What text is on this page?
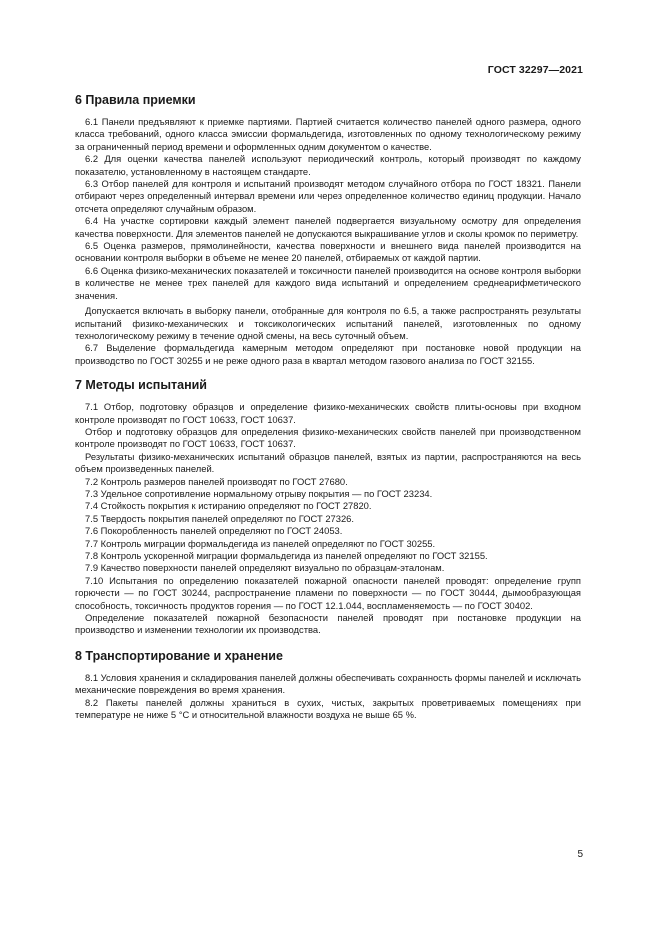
ГОСТ 32297—2021
6 Правила приемки

6.1 Панели предъявляют к приемке партиями. Партией считается количество панелей одного размера, одного класса требований, одного класса эмиссии формальдегида, изготовленных по одному технологическому режиму за ограниченный период времени и оформленных одним документом о качестве.

6.2 Для оценки качества панелей используют периодический контроль, который производят по каждому показателю, установленному в настоящем стандарте.

6.3 Отбор панелей для контроля и испытаний производят методом случайного отбора по ГОСТ 18321. Панели отбирают через определенный интервал времени или через определенное количество единиц продукции. Начало отсчета определяют случайным образом.

6.4 На участке сортировки каждый элемент панелей подвергается визуальному осмотру для определения качества поверхности. Для элементов панелей не допускаются выкрашивание углов и сколы кромок по периметру.

6.5 Оценка размеров, прямолинейности, качества поверхности и внешнего вида панелей производится на основании контроля выборки в объеме не менее 20 панелей, отбираемых от каждой партии.

6.6 Оценка физико-механических показателей и токсичности панелей производится на основе контроля выборки в количестве не менее трех панелей для каждого вида испытаний и определением среднеарифметического значения.

Допускается включать в выборку панели, отобранные для контроля по 6.5, а также распространять результаты испытаний физико-механических и токсикологических испытаний панелей, изготовленных по одному технологическому режиму в течение одной смены, на весь суточный объем.

6.7 Выделение формальдегида камерным методом определяют при постановке новой продукции на производство по ГОСТ 30255 и не реже одного раза в квартал методом газового анализа по ГОСТ 32155.

7 Методы испытаний

7.1 Отбор, подготовку образцов и определение физико-механических свойств плиты-основы при входном контроле производят по ГОСТ 10633, ГОСТ 10637.

Отбор и подготовку образцов для определения физико-механических свойств панелей при производственном контроле производят по ГОСТ 10633, ГОСТ 10637.

Результаты физико-механических испытаний образцов панелей, взятых из партии, распространяются на весь объем произведенных панелей.

7.2 Контроль размеров панелей производят по ГОСТ 27680.

7.3 Удельное сопротивление нормальному отрыву покрытия — по ГОСТ 23234.

7.4 Стойкость покрытия к истиранию определяют по ГОСТ 27820.

7.5 Твердость покрытия панелей определяют по ГОСТ 27326.

7.6 Покоробленность панелей определяют по ГОСТ 24053.

7.7 Контроль миграции формальдегида из панелей определяют по ГОСТ 30255.

7.8 Контроль ускоренной миграции формальдегида из панелей определяют по ГОСТ 32155.

7.9 Качество поверхности панелей определяют визуально по образцам-эталонам.

7.10 Испытания по определению показателей пожарной опасности панелей проводят: определение групп горючести — по ГОСТ 30244, распространение пламени по поверхности — по ГОСТ 30444, дымообразующая способность, токсичность продуктов горения — по ГОСТ 12.1.044, воспламеняемость — по ГОСТ 30402.

Определение показателей пожарной безопасности панелей проводят при постановке продукции на производство и изменении технологии их производства.

8 Транспортирование и хранение

8.1 Условия хранения и складирования панелей должны обеспечивать сохранность формы панелей и исключать механические повреждения во время хранения.

8.2 Пакеты панелей должны храниться в сухих, чистых, закрытых проветриваемых помещениях при температуре не ниже 5 °С и относительной влажности воздуха не выше 65 %.

5
